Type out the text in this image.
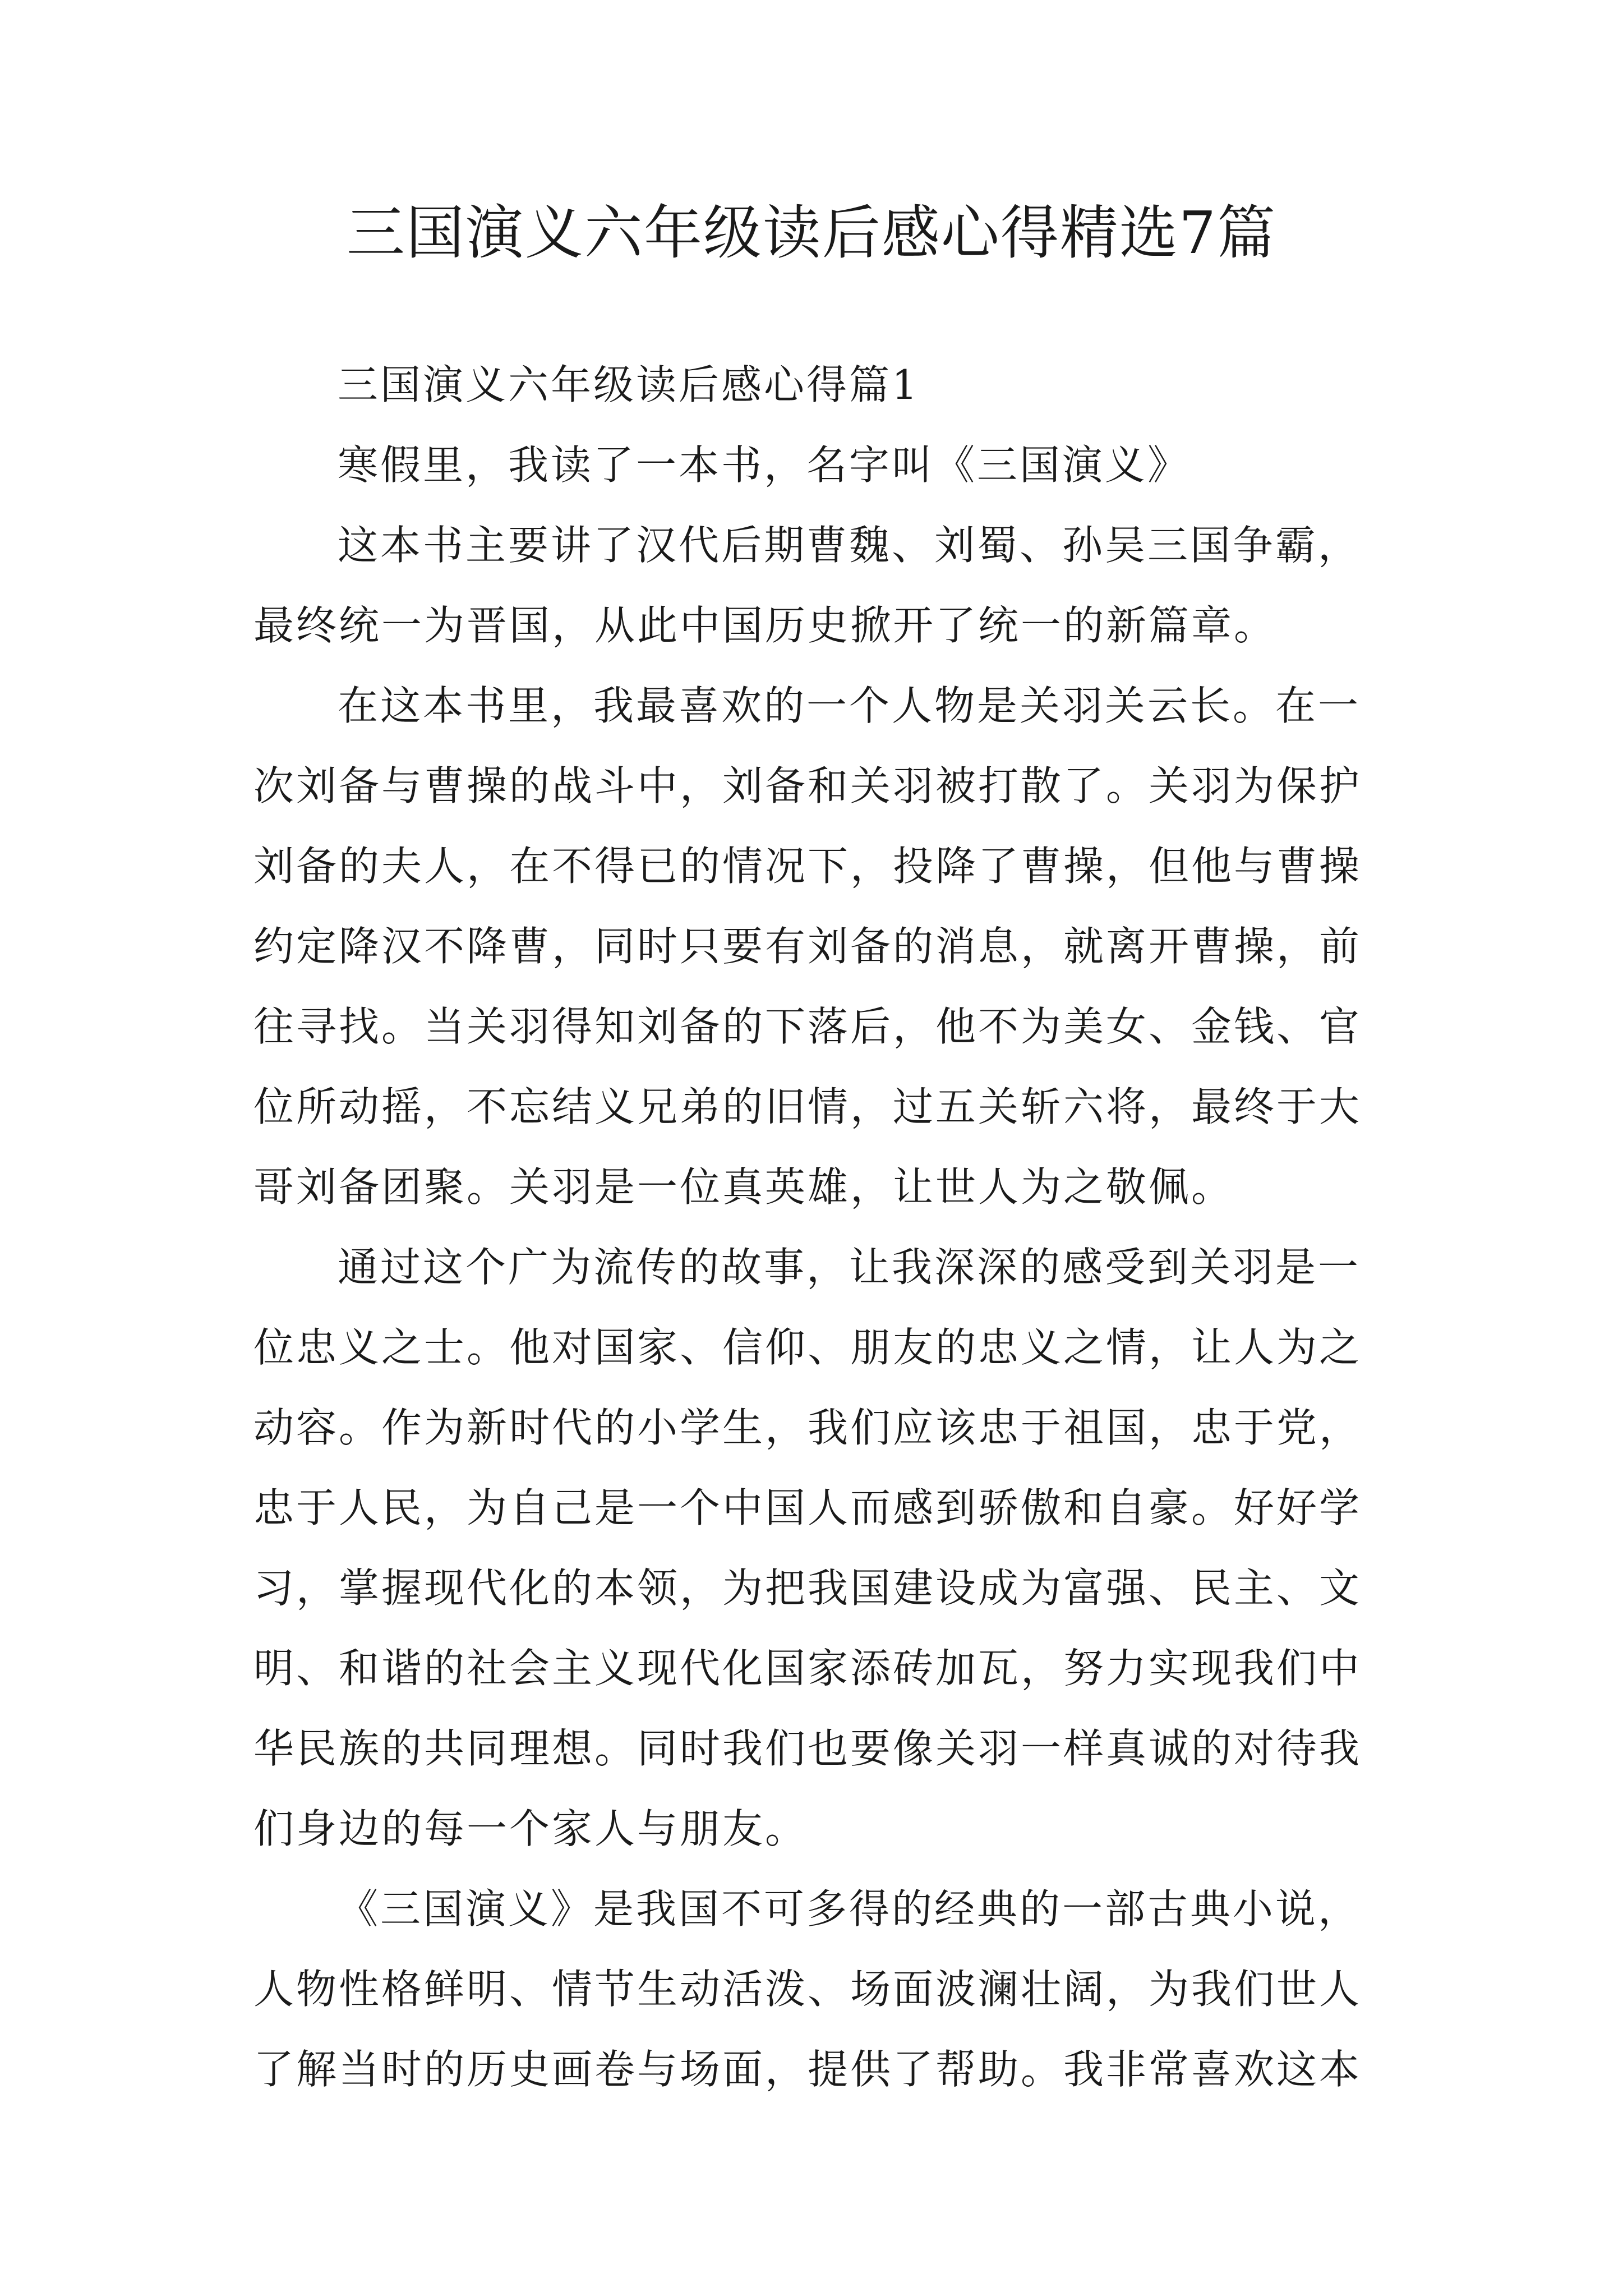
三国演义六年级读后感心得精选7篇
三国演义六年级读后感心得篇1
寒假里，我读了一本书，名字叫《三国演义》
这本书主要讲了汉代后期曹魏、刘蜀、孙吴三国争霸，
最终统一为晋国，从此中国历史掀开了统一的新篇章。
在这本书里，我最喜欢的一个人物是关羽关云长。在一
次刘备与曹操的战斗中，刘备和关羽被打散了。关羽为保护
刘备的夫人，在不得已的情况下，投降了曹操，但他与曹操
约定降汉不降曹，同时只要有刘备的消息，就离开曹操，前
往寻找。当关羽得知刘备的下落后，他不为美女、金钱、官
位所动摇，不忘结义兄弟的旧情，过五关斩六将，最终于大
哥刘备团聚。关羽是一位真英雄，让世人为之敬佩。
通过这个广为流传的故事，让我深深的感受到关羽是一
位忠义之士。他对国家、信仰、朋友的忠义之情，让人为之
动容。作为新时代的小学生，我们应该忠于祖国，忠于党，
忠于人民，为自己是一个中国人而感到骄傲和自豪。好好学
习，掌握现代化的本领，为把我国建设成为富强、民主、文
明、和谐的社会主义现代化国家添砖加瓦，努力实现我们中
华民族的共同理想。同时我们也要像关羽一样真诚的对待我
们身边的每一个家人与朋友。
《三国演义》是我国不可多得的经典的一部古典小说，
人物性格鲜明、情节生动活泼、场面波澜壮阔，为我们世人
了解当时的历史画卷与场面，提供了帮助。我非常喜欢这本
